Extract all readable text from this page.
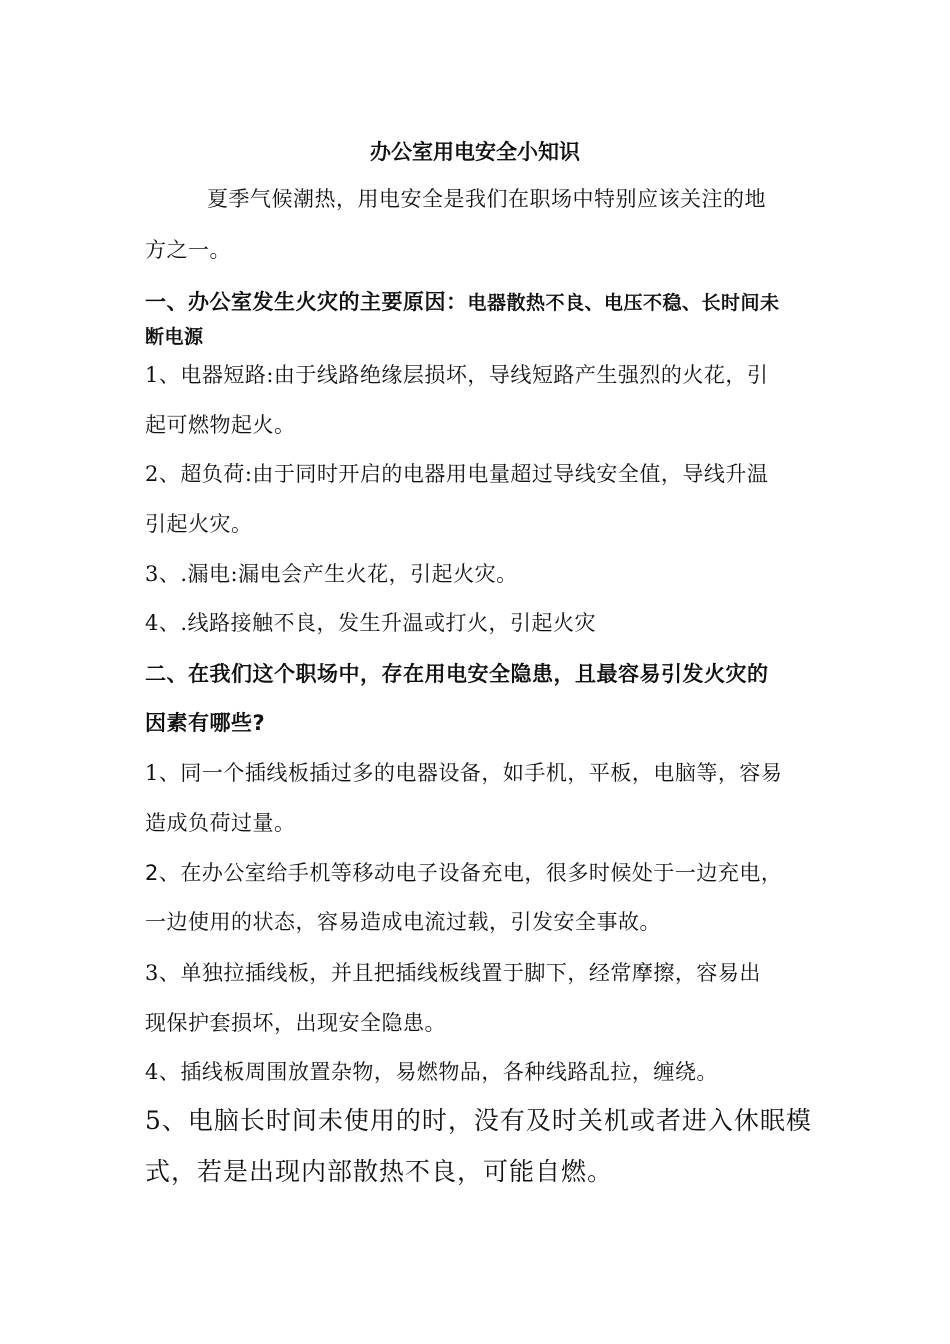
办公室用电安全小知识
夏季气候潮热，用电安全是我们在职场中特别应该关注的地
方之一。
一、办公室发生火灾的主要原因：电器散热不良、电压不稳、长时间未
断电源
1、电器短路:由于线路绝缘层损坏，导线短路产生强烈的火花，引
起可燃物起火。
2、超负荷:由于同时开启的电器用电量超过导线安全值，导线升温
引起火灾。
3、.漏电:漏电会产生火花，引起火灾。
4、.线路接触不良，发生升温或打火，引起火灾
二、在我们这个职场中，存在用电安全隐患，且最容易引发火灾的
因素有哪些?
1、同一个插线板插过多的电器设备，如手机，平板，电脑等，容易
造成负荷过量。
2、在办公室给手机等移动电子设备充电，很多时候处于一边充电，
一边使用的状态，容易造成电流过载，引发安全事故。
3、单独拉插线板，并且把插线板线置于脚下，经常摩擦，容易出
现保护套损坏，出现安全隐患。
4、插线板周围放置杂物，易燃物品，各种线路乱拉，缠绕。
5、电脑长时间未使用的时，没有及时关机或者进入休眠模
式，若是出现内部散热不良，可能自燃。
